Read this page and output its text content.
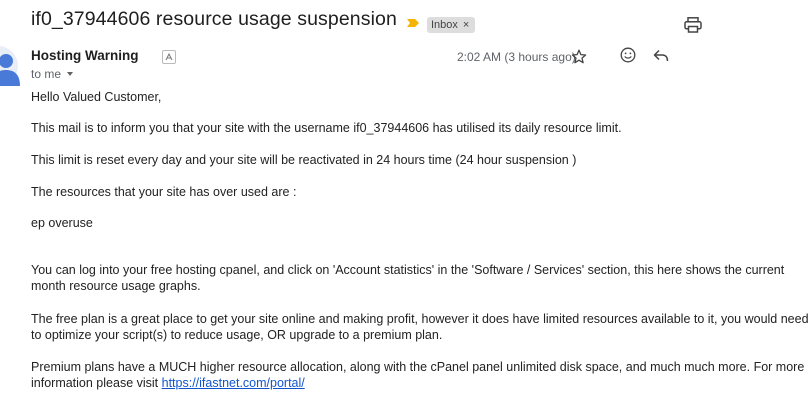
if0_37944606 resource usage suspension	Inbox ×
Hosting Warning	2:02 AM (3 hours ago)
to me

Hello Valued Customer,

This mail is to inform you that your site with the username if0_37944606 has utilised its daily resource limit.

This limit is reset every day and your site will be reactivated in 24 hours time (24 hour suspension )

The resources that your site has over used are :

ep overuse

You can log into your free hosting cpanel, and click on 'Account statistics' in the 'Software / Services' section, this here shows the current

month resource usage graphs.

The free plan is a great place to get your site online and making profit, however it does have limited resources available to it, you would need

to optimize your script(s) to reduce usage, OR upgrade to a premium plan.

Premium plans have a MUCH higher resource allocation, along with the cPanel panel unlimited disk space, and much much more. For more

information please visit https://ifastnet.com/portal/
